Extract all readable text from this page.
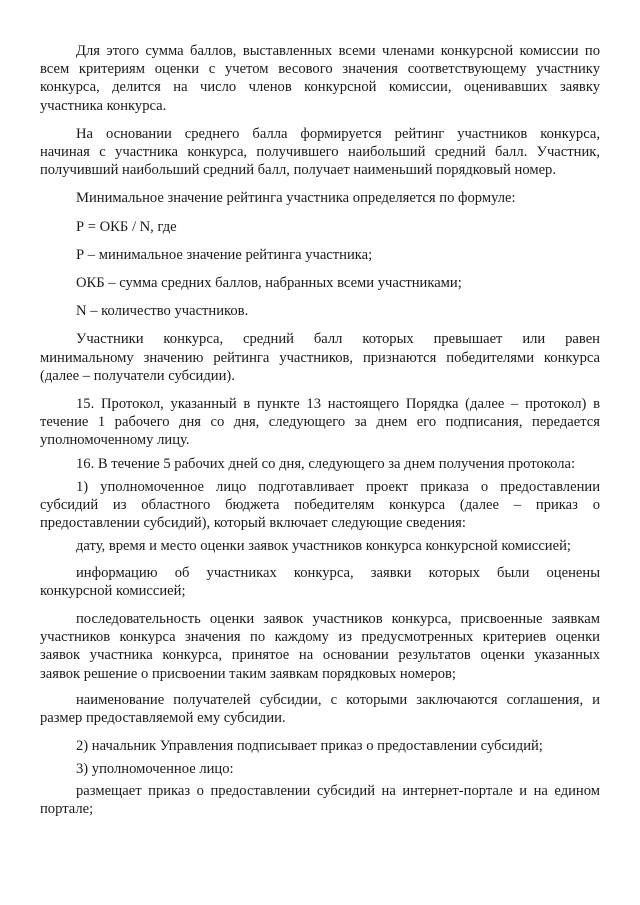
Для этого сумма баллов, выставленных всеми членами конкурсной комиссии по
всем критериям оценки с учетом весового значения соответствующему участнику
конкурса, делится на число членов конкурсной комиссии, оценивавших заявку
участника конкурса.
На основании среднего балла формируется рейтинг участников конкурса,
начиная с участника конкурса, получившего наибольший средний балл. Участник,
получивший наибольший средний балл, получает наименьший порядковый номер.
Минимальное значение рейтинга участника определяется по формуле:
Р = ОКБ / N, где
Р – минимальное значение рейтинга участника;
ОКБ – сумма средних баллов, набранных всеми участниками;
N – количество участников.
Участники конкурса, средний балл которых превышает или равен
минимальному значению рейтинга участников, признаются победителями конкурса
(далее – получатели субсидии).
15. Протокол, указанный в пункте 13 настоящего Порядка (далее – протокол) в
течение 1 рабочего дня со дня, следующего за днем его подписания, передается
уполномоченному лицу.
16. В течение 5 рабочих дней со дня, следующего за днем получения протокола:
1) уполномоченное лицо подготавливает проект приказа о предоставлении
субсидий из областного бюджета победителям конкурса (далее – приказ о
предоставлении субсидий), который включает следующие сведения:
дату, время и место оценки заявок участников конкурса конкурсной комиссией;
информацию об участниках конкурса, заявки которых были оценены
конкурсной комиссией;
последовательность оценки заявок участников конкурса, присвоенные заявкам
участников конкурса значения по каждому из предусмотренных критериев оценки
заявок участника конкурса, принятое на основании результатов оценки указанных
заявок решение о присвоении таким заявкам порядковых номеров;
наименование получателей субсидии, с которыми заключаются соглашения, и
размер предоставляемой ему субсидии.
2) начальник Управления подписывает приказ о предоставлении субсидий;
3) уполномоченное лицо:
размещает приказ о предоставлении субсидий на интернет-портале и на едином
портале;
